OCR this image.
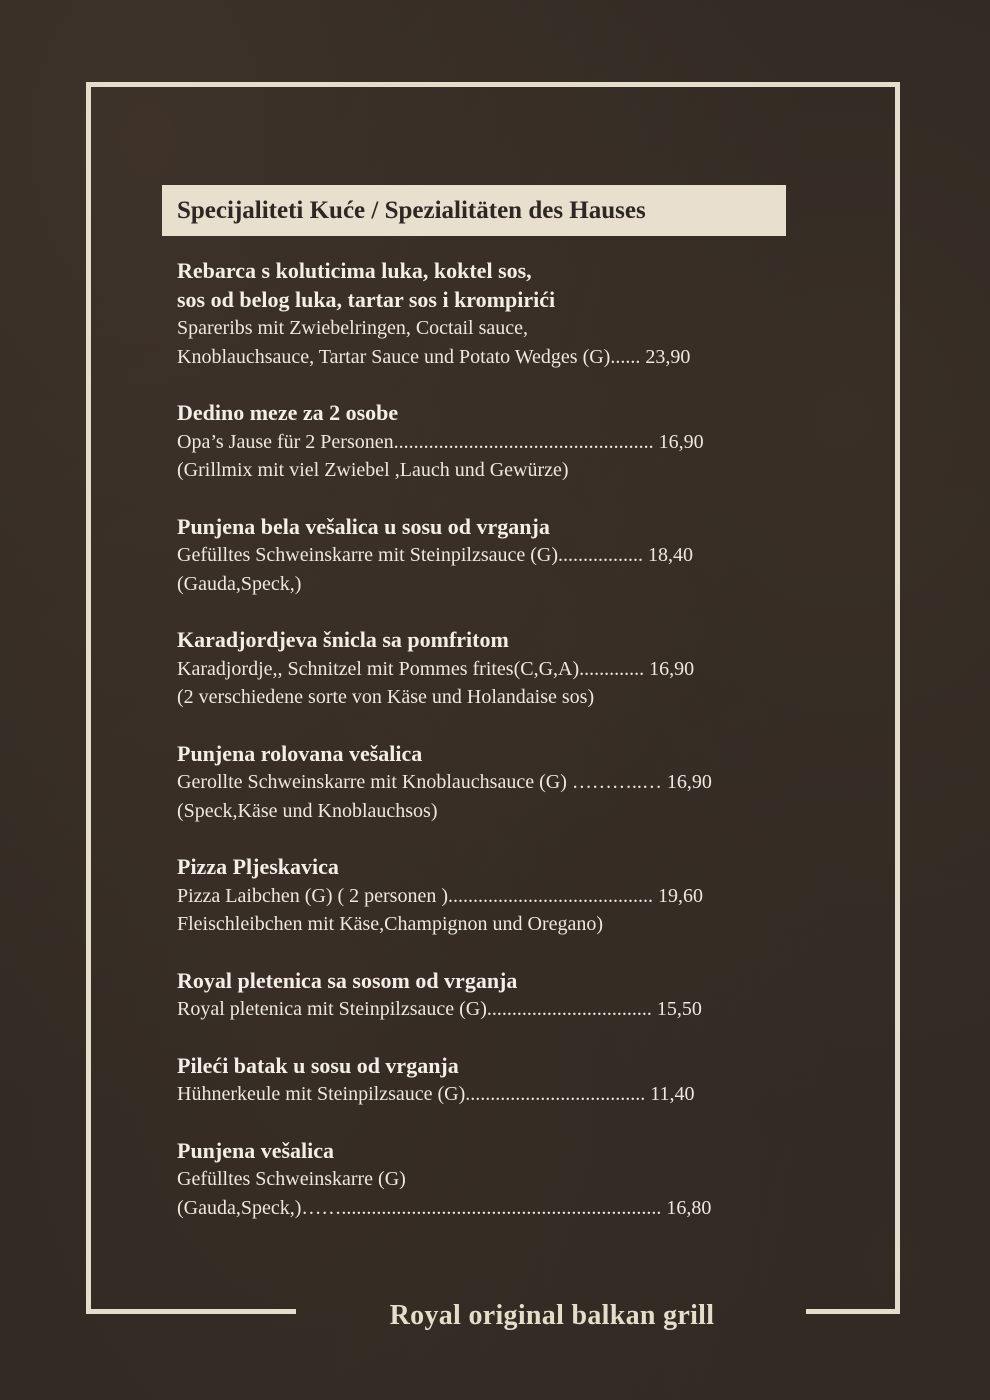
Royal original balkan grill
Specijaliteti Kuće / Spezialitäten des Hauses
Rebarca s koluticima luka, koktel sos,
sos od belog luka, tartar sos i krompirići
Spareribs mit Zwiebelringen, Coctail sauce,
Knoblauchsauce, Tartar Sauce und Potato Wedges (G)...... 23,90
Dedino meze za 2 osobe
Opa’s Jause für 2 Personen.................................................... 16,90
(Grillmix mit viel Zwiebel ,Lauch und Gewürze)
Punjena bela vešalica u sosu od vrganja
Gefülltes Schweinskarre mit Steinpilzsauce (G)................. 18,40
(Gauda,Speck,)
Karadjordjeva šnicla sa pomfritom
Karadjordje,, Schnitzel mit Pommes frites(C,G,A)............. 16,90
(2 verschiedene sorte von Käse und Holandaise sos)
Punjena rolovana vešalica
Gerollte Schweinskarre mit Knoblauchsauce (G) ………..… 16,90
(Speck,Käse und Knoblauchsos)
Pizza Pljeskavica
Pizza Laibchen (G) ( 2 personen )......................................... 19,60
Fleischleibchen mit Käse,Champignon und Oregano)
Royal pletenica sa sosom od vrganja
Royal pletenica mit Steinpilzsauce (G)................................. 15,50
Pileći batak u sosu od vrganja
Hühnerkeule mit Steinpilzsauce (G).................................... 11,40
Punjena vešalica
Gefülltes Schweinskarre (G)
(Gauda,Speck,)……................................................................ 16,80
